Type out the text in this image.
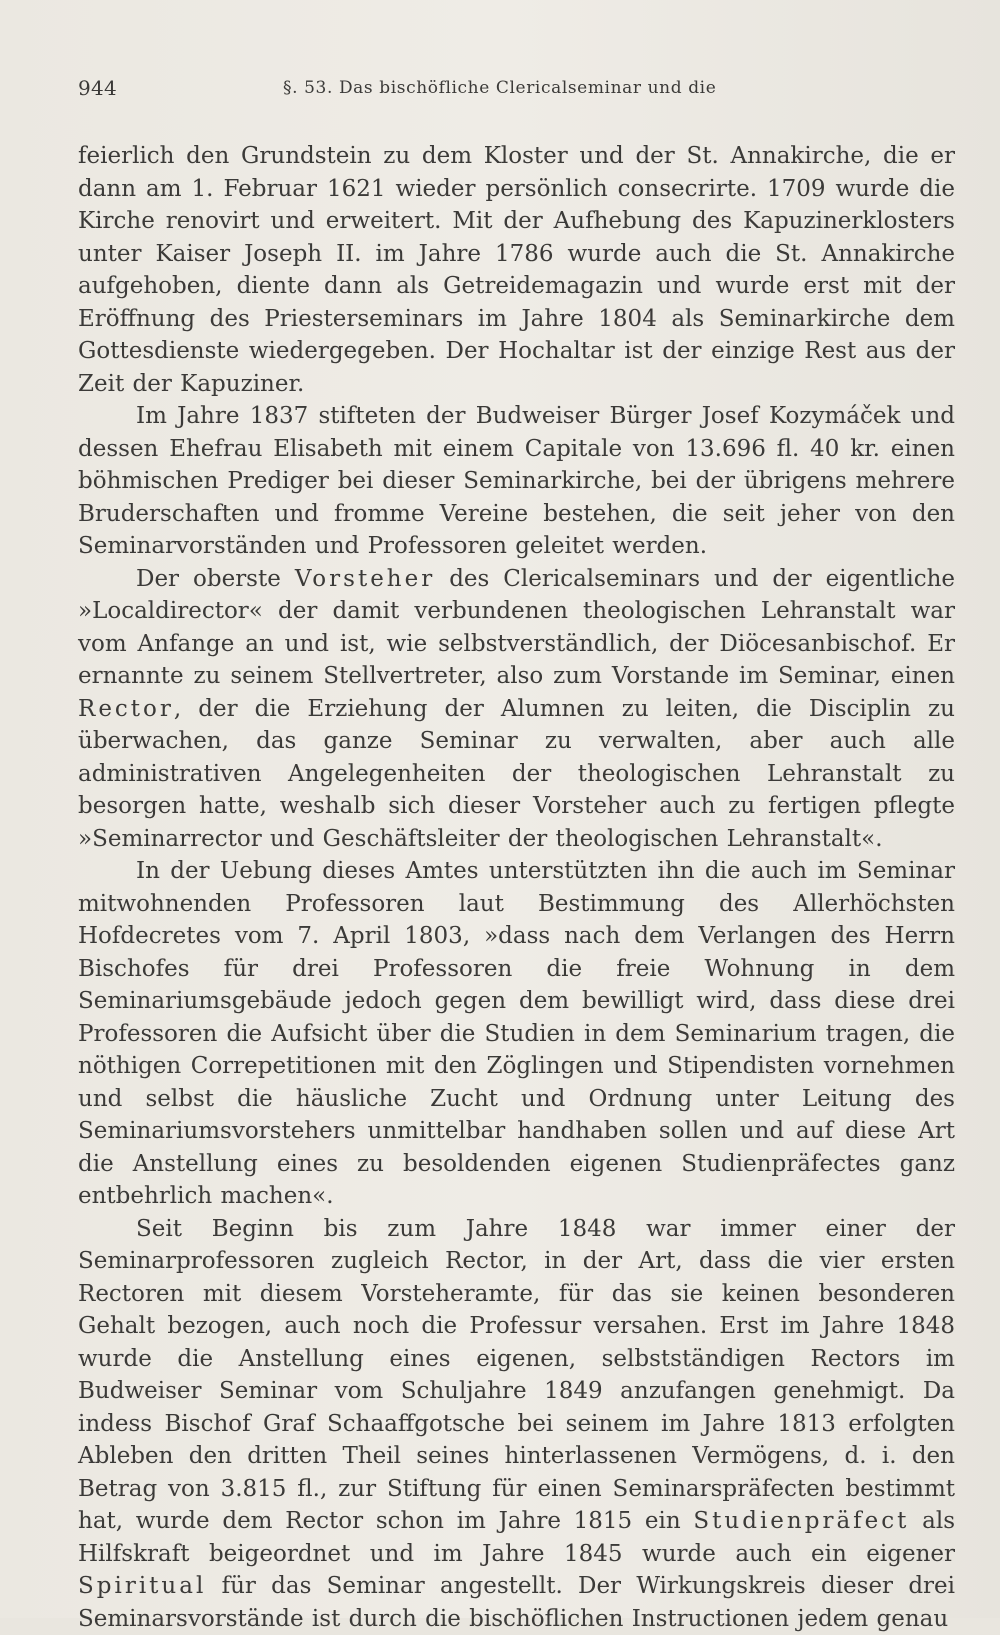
944	§. 53. Das bischöfliche Clericalseminar und die

feierlich den Grundstein zu dem Kloster und der St. Annakirche, die er dann am 1. Februar 1621 wieder persönlich consecrirte. 1709 wurde die Kirche renovirt und erweitert. Mit der Aufhebung des Kapuzinerklosters unter Kaiser Joseph II. im Jahre 1786 wurde auch die St. Annakirche aufgehoben, diente dann als Getreidemagazin und wurde erst mit der Eröffnung des Priesterseminars im Jahre 1804 als Seminarkirche dem Gottesdienste wiedergegeben. Der Hochaltar ist der einzige Rest aus der Zeit der Kapuziner.

Im Jahre 1837 stifteten der Budweiser Bürger Josef Kozymáček und dessen Ehefrau Elisabeth mit einem Capitale von 13.696 fl. 40 kr. einen böhmischen Prediger bei dieser Seminarkirche, bei der übrigens mehrere Bruderschaften und fromme Vereine bestehen, die seit jeher von den Seminarvorständen und Professoren geleitet werden.

Der oberste Vorsteher des Clericalseminars und der eigentliche »Localdirector« der damit verbundenen theologischen Lehranstalt war vom Anfange an und ist, wie selbstverständlich, der Diöcesanbischof. Er ernannte zu seinem Stellvertreter, also zum Vorstande im Seminar, einen Rector, der die Erziehung der Alumnen zu leiten, die Disciplin zu überwachen, das ganze Seminar zu verwalten, aber auch alle administrativen Angelegenheiten der theologischen Lehranstalt zu besorgen hatte, weshalb sich dieser Vorsteher auch zu fertigen pflegte »Seminarrector und Geschäftsleiter der theologischen Lehranstalt«.

In der Uebung dieses Amtes unterstützten ihn die auch im Seminar mitwohnenden Professoren laut Bestimmung des Allerhöchsten Hofdecretes vom 7. April 1803, »dass nach dem Verlangen des Herrn Bischofes für drei Professoren die freie Wohnung in dem Seminariumsgebäude jedoch gegen dem bewilligt wird, dass diese drei Professoren die Aufsicht über die Studien in dem Seminarium tragen, die nöthigen Correpetitionen mit den Zöglingen und Stipendisten vornehmen und selbst die häusliche Zucht und Ordnung unter Leitung des Seminariumsvorstehers unmittelbar handhaben sollen und auf diese Art die Anstellung eines zu besoldenden eigenen Studienpräfectes ganz entbehrlich machen«.

Seit Beginn bis zum Jahre 1848 war immer einer der Seminarprofessoren zugleich Rector, in der Art, dass die vier ersten Rectoren mit diesem Vorsteheramte, für das sie keinen besonderen Gehalt bezogen, auch noch die Professur versahen. Erst im Jahre 1848 wurde die Anstellung eines eigenen, selbstständigen Rectors im Budweiser Seminar vom Schuljahre 1849 anzufangen genehmigt. Da indess Bischof Graf Schaaffgotsche bei seinem im Jahre 1813 erfolgten Ableben den dritten Theil seines hinterlassenen Vermögens, d. i. den Betrag von 3.815 fl., zur Stiftung für einen Seminarspräfecten bestimmt hat, wurde dem Rector schon im Jahre 1815 ein Studienpräfect als Hilfskraft beigeordnet und im Jahre 1845 wurde auch ein eigener Spiritual für das Seminar angestellt. Der Wirkungskreis dieser drei Seminarsvorstände ist durch die bischöflichen Instructionen jedem genau
